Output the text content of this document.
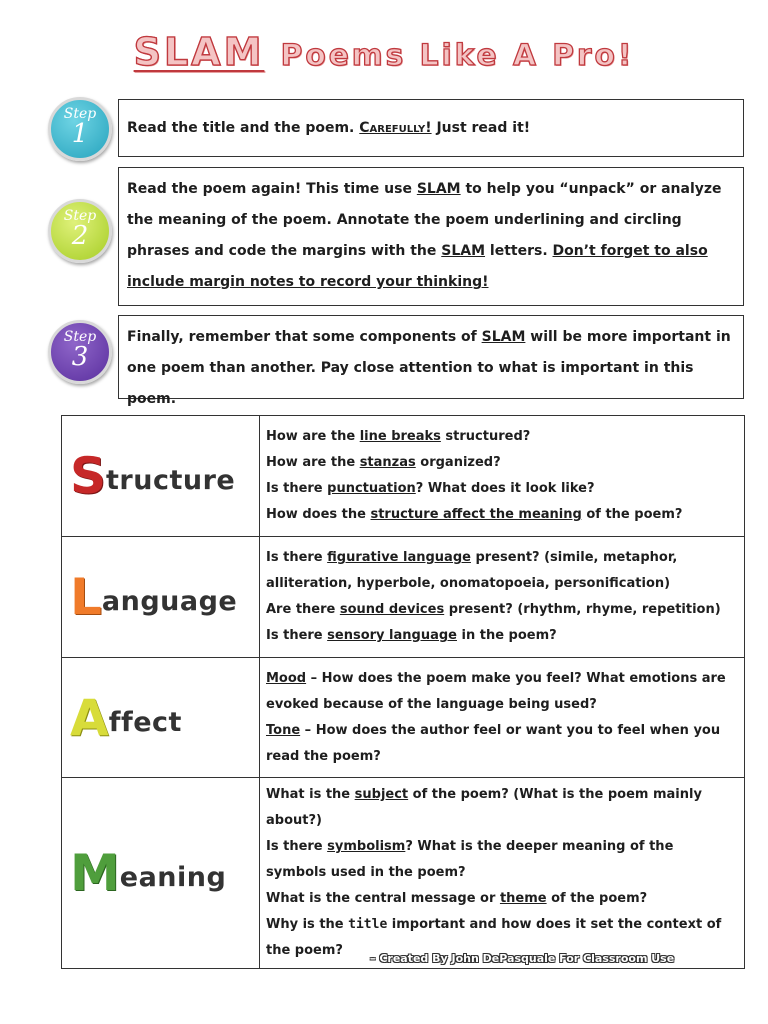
SLAM Poems Like A Pro!
Step
1	Read the title and the poem. Carefully! Just read it!
Step
2
Read the poem again! This time use SLAM to help you “unpack” or analyze the meaning of the poem. Annotate the poem underlining and circling phrases and code the margins with the SLAM letters. Don’t forget to also include margin notes to record your thinking!
Step
3
Finally, remember that some components of SLAM will be more important in one poem than another. Pay close attention to what is important in this poem.
Structure	How are the line breaks structured?
How are the stanzas organized?
Is there punctuation? What does it look like?
How does the structure affect the meaning of the poem?

Language	Is there figurative language present? (simile, metaphor, alliteration, hyperbole, onomatopoeia, personification)
Are there sound devices present? (rhythm, rhyme, repetition)
Is there sensory language in the poem?

Affect	Mood – How does the poem make you feel? What emotions are evoked because of the language being used?
Tone – How does the author feel or want you to feel when you read the poem?

Meaning	What is the subject of the poem? (What is the poem mainly about?)
Is there symbolism? What is the deeper meaning of the symbols used in the poem?
What is the central message or theme of the poem?
Why is the title important and how does it set the context of the poem?
– Created By John DePasquale For Classroom Use
